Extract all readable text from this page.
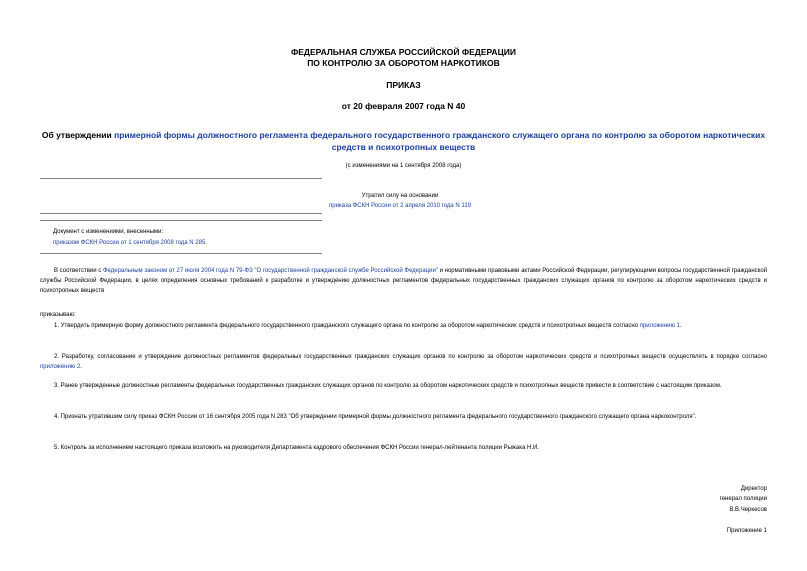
ФЕДЕРАЛЬНАЯ СЛУЖБА РОССИЙСКОЙ ФЕДЕРАЦИИ
ПО КОНТРОЛЮ ЗА ОБОРОТОМ НАРКОТИКОВ
ПРИКАЗ
от 20 февраля 2007 года N 40
Об утверждении примерной формы должностного регламента федерального государственного гражданского служащего органа по контролю за оборотом наркотических средств и психотропных веществ
(с изменениями на 1 сентября 2008 года)
Утратил силу на основании
приказа ФСКН России от 2 апреля 2010 года N 119
Документ с изменениями, внесенными:
приказом ФСКН России от 1 сентября 2008 года N 285.
В соответствии с Федеральным законом от 27 июля 2004 года N 79-ФЗ "О государственной гражданской службе Российской Федерации" и нормативными правовыми актами Российской Федерации, регулирующими вопросы государственной гражданской службы Российской Федерации, в целях определения основных требований к разработке и утверждению должностных регламентов федеральных государственных гражданских служащих органов по контролю за оборотом наркотических средств и психотропных веществ
приказываю:
1. Утвердить примерную форму должностного регламента федерального государственного гражданского служащего органа по контролю за оборотом наркотических средств и психотропных веществ согласно приложению 1.
2. Разработку, согласование и утверждение должностных регламентов федеральных государственных гражданских служащих органов по контролю за оборотом наркотических средств и психотропных веществ осуществлять в порядке согласно приложению 2.
3. Ранее утвержденные должностные регламенты федеральных государственных гражданских служащих органов по контролю за оборотом наркотических средств и психотропных веществ привести в соответствие с настоящим приказом.
4. Признать утратившим силу приказ ФСКН России от 16 сентября 2005 года N 283 "Об утверждении примерной формы должностного регламента федерального государственного гражданского служащего органа наркоконтроля".
5. Контроль за исполнением настоящего приказа возложить на руководителя Департамента кадрового обеспечения ФСКН России генерал-лейтенанта полиции Рыжака Н.И.
Директор
генерал полиции
В.В.Черкесов
Приложение 1
